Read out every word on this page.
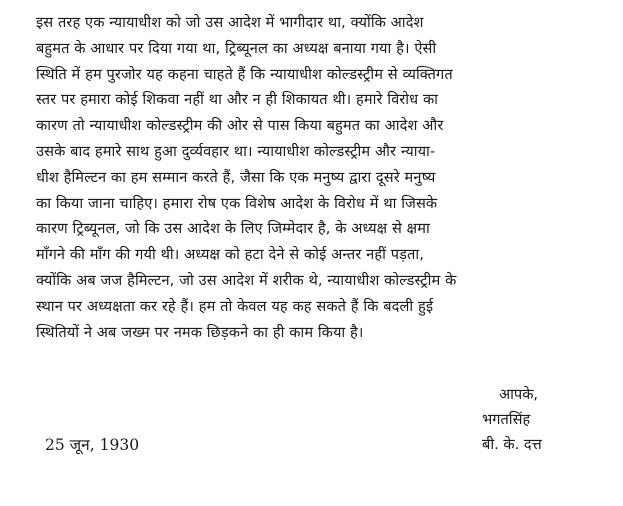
इस तरह एक न्यायाधीश को जो उस आदेश में भागीदार था, क्योंकि आदेश
बहुमत के आधार पर दिया गया था, ट्रिब्यूनल का अध्यक्ष बनाया गया है। ऐसी
स्थिति में हम पुरजोर यह कहना चाहते हैं कि न्यायाधीश कोल्डस्ट्रीम से व्यक्तिगत
स्तर पर हमारा कोई शिकवा नहीं था और न ही शिकायत थी। हमारे विरोध का
कारण तो न्यायाधीश कोल्डस्ट्रीम की ओर से पास किया बहुमत का आदेश और
उसके बाद हमारे साथ हुआ दुर्व्यवहार था। न्यायाधीश कोल्डस्ट्रीम और न्याया-
धीश हैमिल्टन का हम सम्मान करते हैं, जैसा कि एक मनुष्य द्वारा दूसरे मनुष्य
का किया जाना चाहिए। हमारा रोष एक विशेष आदेश के विरोध में था जिसके
कारण ट्रिब्यूनल, जो कि उस आदेश के लिए जिम्मेदार है, के अध्यक्ष से क्षमा
माँगने की माँग की गयी थी। अध्यक्ष को हटा देने से कोई अन्तर नहीं पड़ता,
क्योंकि अब जज हैमिल्टन, जो उस आदेश में शरीक थे, न्यायाधीश कोल्डस्ट्रीम के
स्थान पर अध्यक्षता कर रहे हैं। हम तो केवल यह कह सकते हैं कि बदली हुई
स्थितियों ने अब जख्म पर नमक छिड़कने का ही काम किया है।
आपके,
भगतसिंह
बी. के. दत्त
25 जून, 1930
